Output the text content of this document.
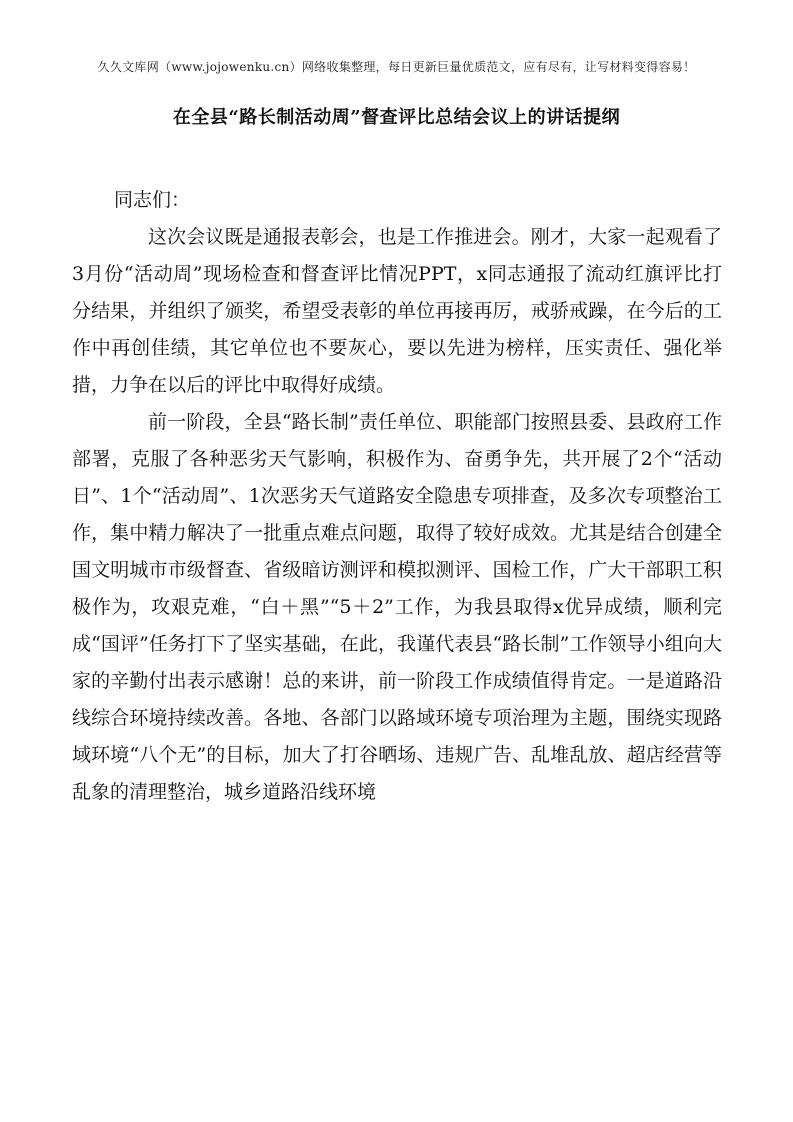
久久文库网（www.jojowenku.cn）网络收集整理，每日更新巨量优质范文，应有尽有，让写材料变得容易！
在全县“路长制活动周”督查评比总结会议上的讲话提纲

同志们：

这次会议既是通报表彰会，也是工作推进会。刚才，大家一起观看了3月份“活动周”现场检查和督查评比情况PPT，x同志通报了流动红旗评比打分结果，并组织了颁奖，希望受表彰的单位再接再厉，戒骄戒躁，在今后的工作中再创佳绩，其它单位也不要灰心，要以先进为榜样，压实责任、强化举措，力争在以后的评比中取得好成绩。

前一阶段，全县“路长制”责任单位、职能部门按照县委、县政府工作部署，克服了各种恶劣天气影响，积极作为、奋勇争先，共开展了2个“活动日”、1个“活动周”、1次恶劣天气道路安全隐患专项排查，及多次专项整治工作，集中精力解决了一批重点难点问题，取得了较好成效。尤其是结合创建全国文明城市市级督查、省级暗访测评和模拟测评、国检工作，广大干部职工积极作为，攻艰克难，“白＋黑”“5＋2”工作，为我县取得x优异成绩，顺利完成“国评”任务打下了坚实基础，在此，我谨代表县“路长制”工作领导小组向大家的辛勤付出表示感谢！总的来讲，前一阶段工作成绩值得肯定。一是道路沿线综合环境持续改善。各地、各部门以路域环境专项治理为主题，围绕实现路域环境“八个无”的目标，加大了打谷晒场、违规广告、乱堆乱放、超店经营等乱象的清理整治，城乡道路沿线环境
